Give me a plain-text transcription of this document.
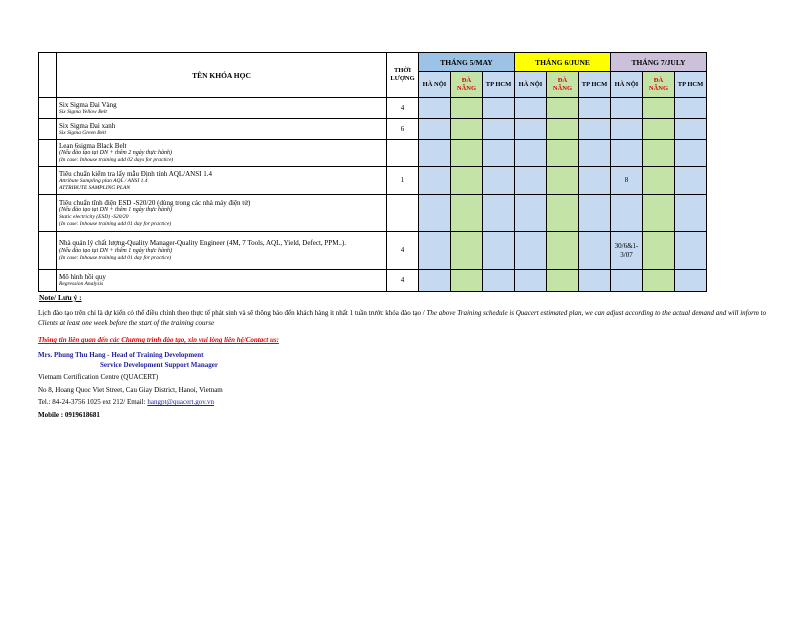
	TÊN KHÓA HỌC	THỜI LƯỢNG	THÁNG 5/MAY			THÁNG 6/JUNE			THÁNG 7/JULY		
			HÀ NỘI	ĐÀ NẴNG	TP HCM	HÀ NỘI	ĐÀ NẴNG	TP HCM	HÀ NỘI	ĐÀ NẴNG	TP HCM

	Six Sigma Đai Vàng
Six Sigma Yellow Belt	4									

	Six Sigma Đai xanh
Six Sigma Green Belt	6									

	Lean 6sigma Black Belt
(Nếu đào tạo tại DN + thêm 2 ngày thực hành)
(In case: Inhouse training add 02 days for practice)										

	Tiêu chuẩn kiểm tra lấy mẫu Định tính AQL/ANSI 1.4
Attribute Sampling plan AQL / ANSI 1.4
ATTRIBUTE SAMPLING PLAN	1							8		

	Tiêu chuẩn tĩnh điện ESD -S20/20 (dùng trong các nhà máy điện tử)
(Nếu đào tạo tại DN + thêm 1 ngày thực hành)
Static electricity (ESD) -S20/20
(In case: Inhouse training add 01 day for practice)										

	Nhà quản lý chất lượng-Quality Manager-Quality Engineer (4M, 7 Tools, AQL, Yield, Defect, PPM..).
(Nếu đào tạo tại DN + thêm 1 ngày thực hành)
(In case: Inhouse training add 01 day for practice)	4							30/6&1-3/07		

	Mô hình hồi quy
Regression Analysis	4									
Note/ Lưu ý :
Lịch đào tạo trên chỉ là dự kiến có thể điều chỉnh theo thực tế phát sinh và sẽ thông báo đến khách hàng ít nhất 1 tuần trước khóa đào tạo / The above Training schedule is Quacert estimated plan, we can adjust according to the actual demand and will inform to Clients at least one week before the start of the training course
Thông tin liên quan đến các Chương trình đào tạo, xin vui lòng liên hệ/Contact us:
Mrs. Phung Thu Hang - Head of Training Development
Service Development Support Manager
Vietnam Certification Centre (QUACERT)
No 8, Hoang Quoc Viet Street, Cau Giay District, Hanoi, Vietnam
Tel.: 84-24-3756 1025 ext 212/ Email: hangpt@quacert.gov.vn
Mobile : 0919618681
